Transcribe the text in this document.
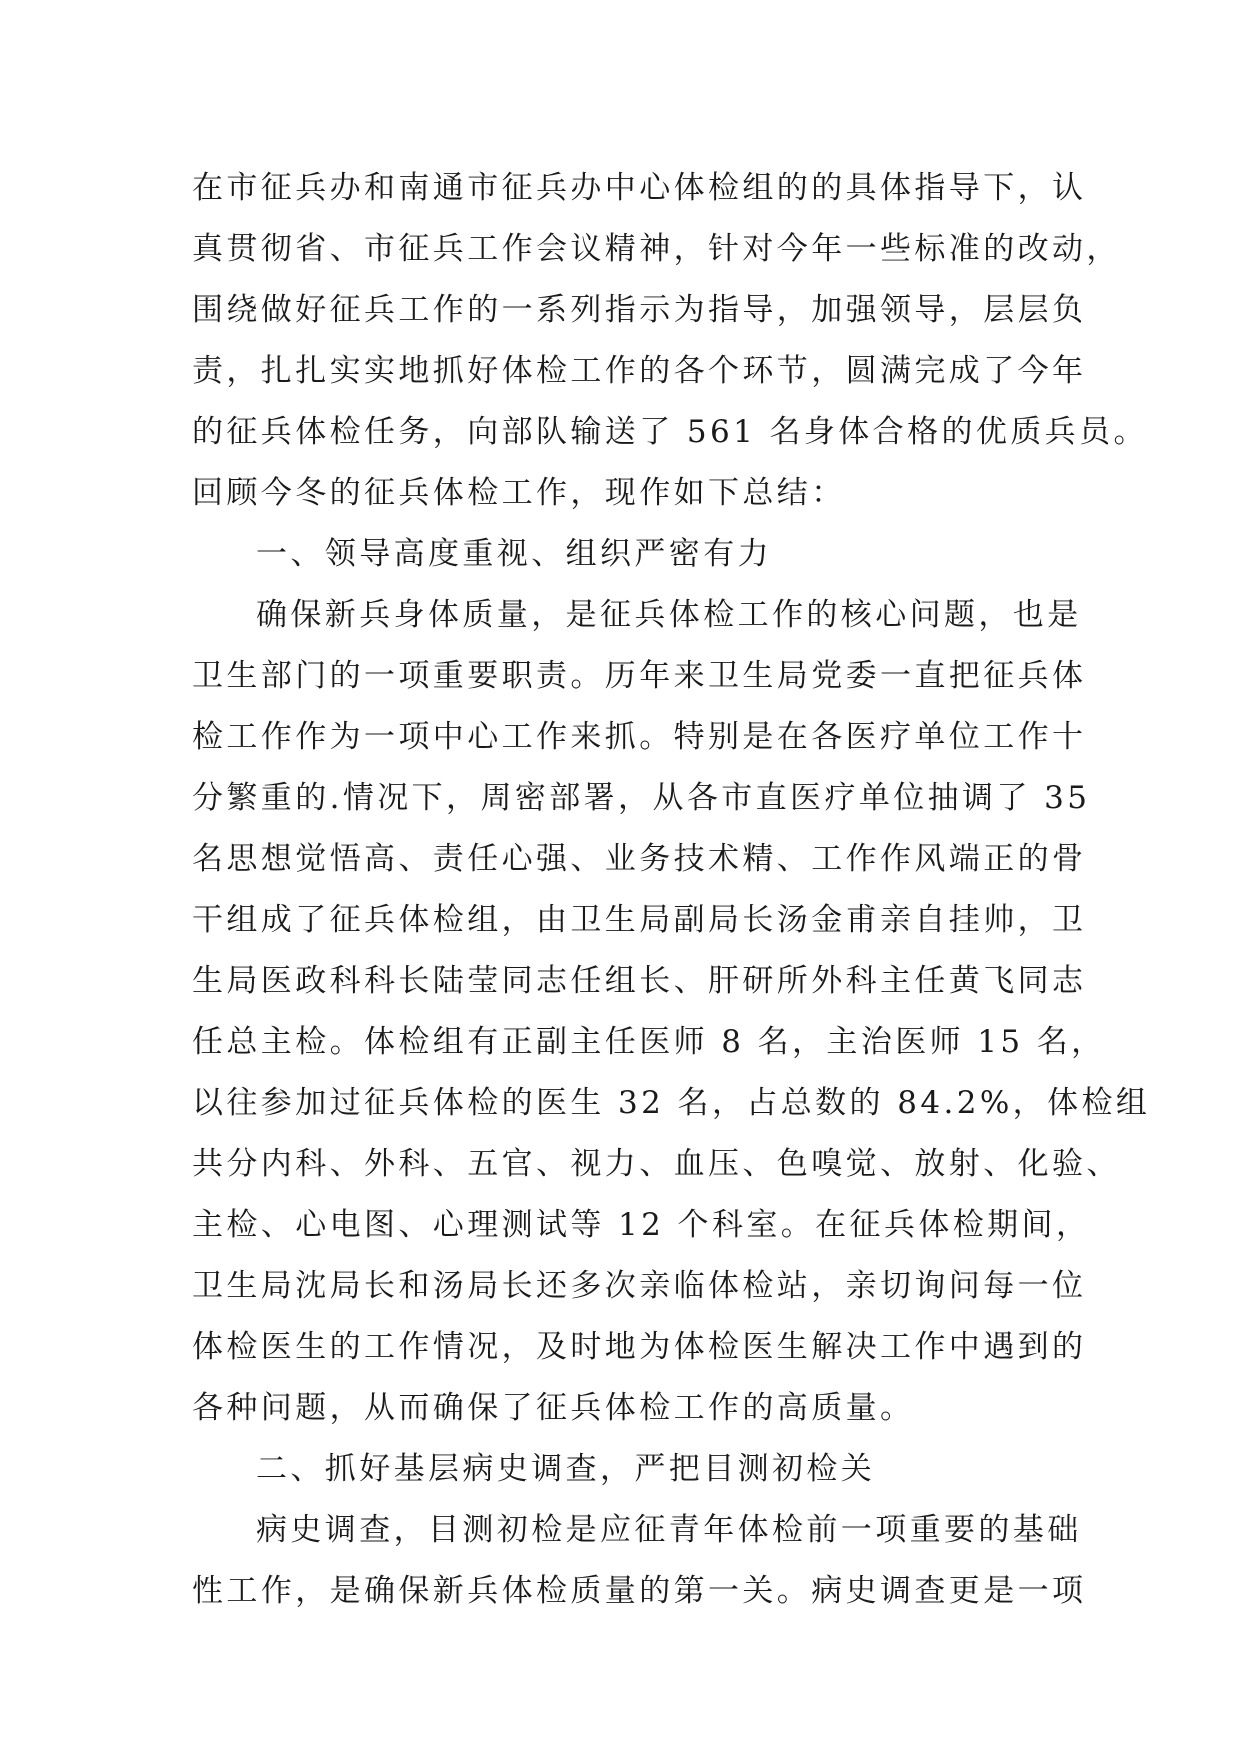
在市征兵办和南通市征兵办中心体检组的的具体指导下，认
真贯彻省、市征兵工作会议精神，针对今年一些标准的改动，
围绕做好征兵工作的一系列指示为指导，加强领导，层层负
责，扎扎实实地抓好体检工作的各个环节，圆满完成了今年
的征兵体检任务，向部队输送了 561 名身体合格的优质兵员。
回顾今冬的征兵体检工作，现作如下总结：
一、领导高度重视、组织严密有力
确保新兵身体质量，是征兵体检工作的核心问题，也是
卫生部门的一项重要职责。历年来卫生局党委一直把征兵体
检工作作为一项中心工作来抓。特别是在各医疗单位工作十
分繁重的.情况下，周密部署，从各市直医疗单位抽调了 35
名思想觉悟高、责任心强、业务技术精、工作作风端正的骨
干组成了征兵体检组，由卫生局副局长汤金甫亲自挂帅，卫
生局医政科科长陆莹同志任组长、肝研所外科主任黄飞同志
任总主检。体检组有正副主任医师 8 名，主治医师 15 名，
以往参加过征兵体检的医生 32 名，占总数的 84.2%，体检组
共分内科、外科、五官、视力、血压、色嗅觉、放射、化验、
主检、心电图、心理测试等 12 个科室。在征兵体检期间，
卫生局沈局长和汤局长还多次亲临体检站，亲切询问每一位
体检医生的工作情况，及时地为体检医生解决工作中遇到的
各种问题，从而确保了征兵体检工作的高质量。
二、抓好基层病史调查，严把目测初检关
病史调查，目测初检是应征青年体检前一项重要的基础
性工作，是确保新兵体检质量的第一关。病史调查更是一项
